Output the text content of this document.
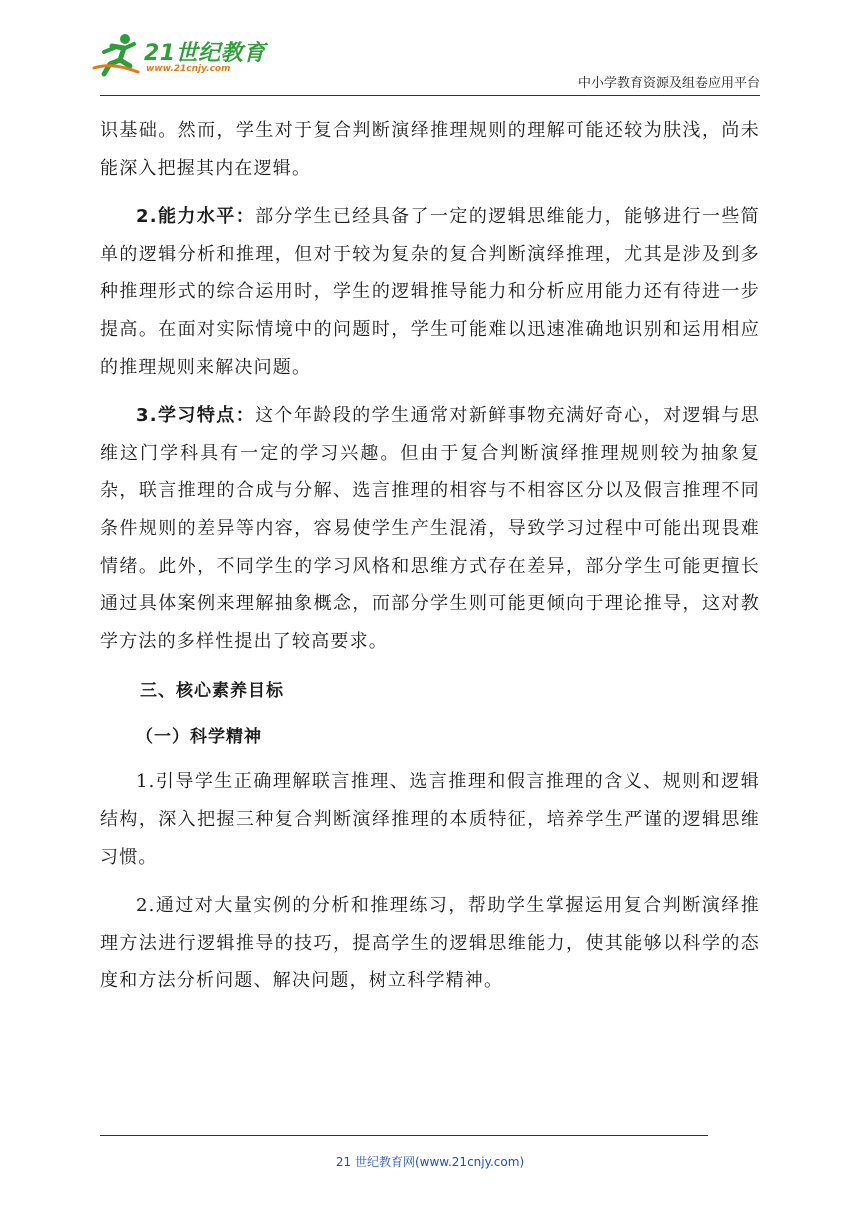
21世纪教育
www.21cnjy.com
中小学教育资源及组卷应用平台

识基础。然而，学生对于复合判断演绎推理规则的理解可能还较为肤浅，尚未能深入把握其内在逻辑。

2.能力水平：部分学生已经具备了一定的逻辑思维能力，能够进行一些简单的逻辑分析和推理，但对于较为复杂的复合判断演绎推理，尤其是涉及到多种推理形式的综合运用时，学生的逻辑推导能力和分析应用能力还有待进一步提高。在面对实际情境中的问题时，学生可能难以迅速准确地识别和运用相应的推理规则来解决问题。

3.学习特点：这个年龄段的学生通常对新鲜事物充满好奇心，对逻辑与思维这门学科具有一定的学习兴趣。但由于复合判断演绎推理规则较为抽象复杂，联言推理的合成与分解、选言推理的相容与不相容区分以及假言推理不同条件规则的差异等内容，容易使学生产生混淆，导致学习过程中可能出现畏难情绪。此外，不同学生的学习风格和思维方式存在差异，部分学生可能更擅长通过具体案例来理解抽象概念，而部分学生则可能更倾向于理论推导，这对教学方法的多样性提出了较高要求。

三、核心素养目标
（一）科学精神

1.引导学生正确理解联言推理、选言推理和假言推理的含义、规则和逻辑结构，深入把握三种复合判断演绎推理的本质特征，培养学生严谨的逻辑思维习惯。

2.通过对大量实例的分析和推理练习，帮助学生掌握运用复合判断演绎推理方法进行逻辑推导的技巧，提高学生的逻辑思维能力，使其能够以科学的态度和方法分析问题、解决问题，树立科学精神。

21 世纪教育网(www.21cnjy.com)
